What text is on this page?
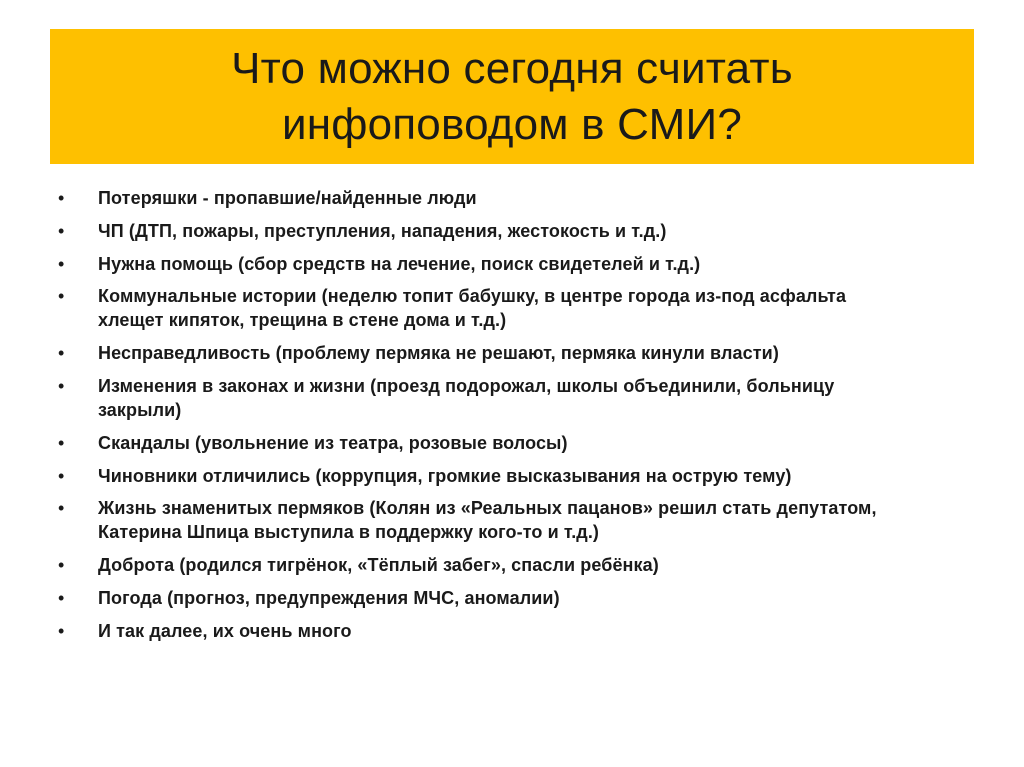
Что можно сегодня считать
инфоповодом в СМИ?
•	Потеряшки - пропавшие/найденные люди
•	ЧП (ДТП, пожары, преступления, нападения, жестокость и т.д.)
•	Нужна помощь (сбор средств на лечение, поиск свидетелей и т.д.)
•	Коммунальные истории (неделю топит бабушку, в центре города из-под асфальта
хлещет кипяток, трещина в стене дома и т.д.)
•	Несправедливость (проблему пермяка не решают, пермяка кинули власти)
•	Изменения в законах и жизни (проезд подорожал, школы объединили, больницу
закрыли)
•	Скандалы (увольнение из театра, розовые волосы)
•	Чиновники отличились (коррупция, громкие высказывания на острую тему)
•	Жизнь знаменитых пермяков (Колян из «Реальных пацанов» решил стать депутатом,
Катерина Шпица выступила в поддержку кого-то и т.д.)
•	Доброта (родился тигрёнок, «Тёплый забег», спасли ребёнка)
•	Погода (прогноз, предупреждения МЧС, аномалии)
•	И так далее, их очень много
